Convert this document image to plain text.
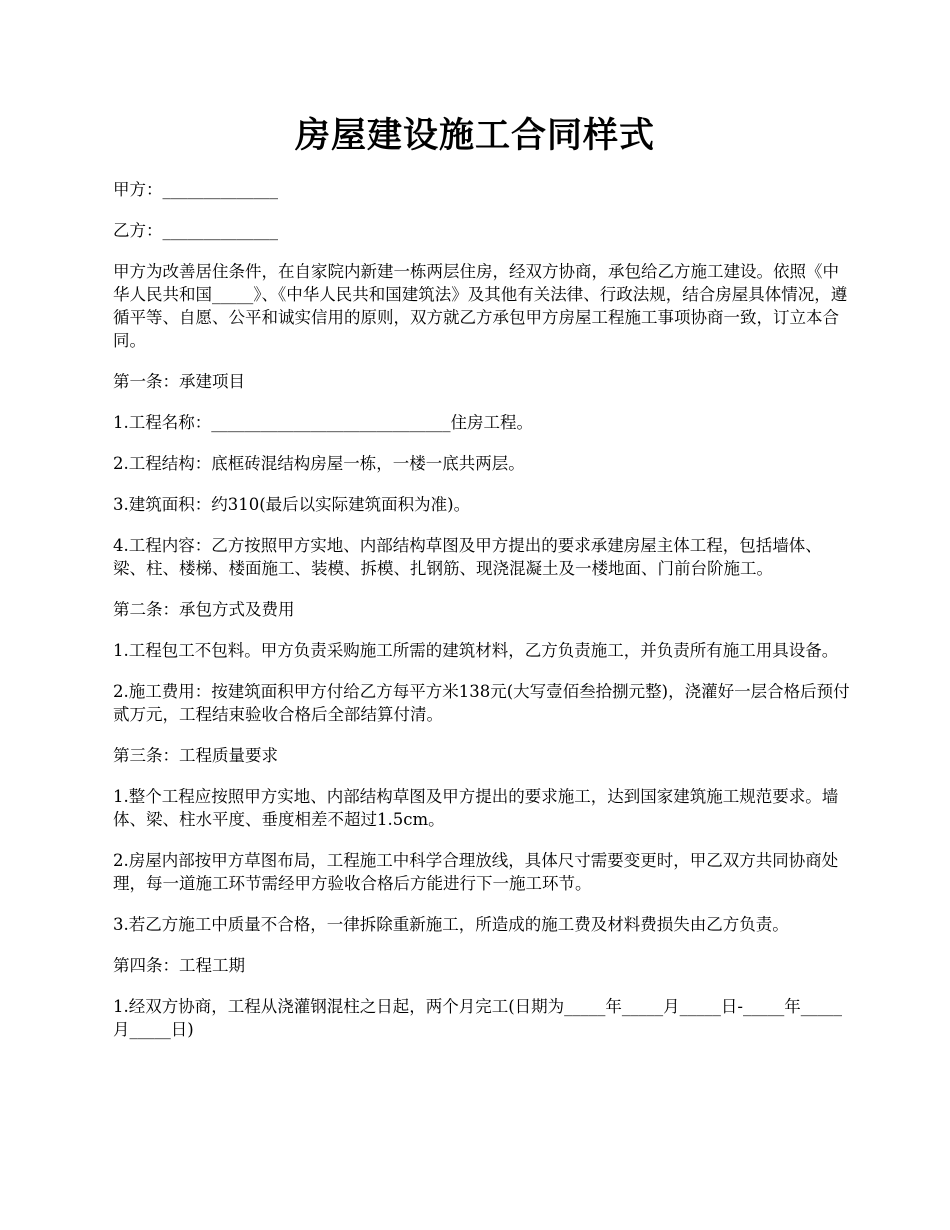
房屋建设施工合同样式

甲方：______________

乙方：______________

甲方为改善居住条件，在自家院内新建一栋两层住房，经双方协商，承包给乙方施工建设。依照《中华人民共和国_____》、《中华人民共和国建筑法》及其他有关法律、行政法规，结合房屋具体情况，遵循平等、自愿、公平和诚实信用的原则，双方就乙方承包甲方房屋工程施工事项协商一致，订立本合同。

第一条：承建项目

1.工程名称：_____________________________住房工程。

2.工程结构：底框砖混结构房屋一栋，一楼一底共两层。

3.建筑面积：约310(最后以实际建筑面积为准)。

4.工程内容：乙方按照甲方实地、内部结构草图及甲方提出的要求承建房屋主体工程，包括墙体、梁、柱、楼梯、楼面施工、装模、拆模、扎钢筋、现浇混凝土及一楼地面、门前台阶施工。

第二条：承包方式及费用

1.工程包工不包料。甲方负责采购施工所需的建筑材料，乙方负责施工，并负责所有施工用具设备。

2.施工费用：按建筑面积甲方付给乙方每平方米138元(大写壹佰叁拾捌元整)，浇灌好一层合格后预付贰万元，工程结束验收合格后全部结算付清。

第三条：工程质量要求

1.整个工程应按照甲方实地、内部结构草图及甲方提出的要求施工，达到国家建筑施工规范要求。墙体、梁、柱水平度、垂度相差不超过1.5cm。

2.房屋内部按甲方草图布局，工程施工中科学合理放线，具体尺寸需要变更时，甲乙双方共同协商处理，每一道施工环节需经甲方验收合格后方能进行下一施工环节。

3.若乙方施工中质量不合格，一律拆除重新施工，所造成的施工费及材料费损失由乙方负责。

第四条：工程工期

1.经双方协商，工程从浇灌钢混柱之日起，两个月完工(日期为_____年_____月_____日-_____年_____月_____日)
